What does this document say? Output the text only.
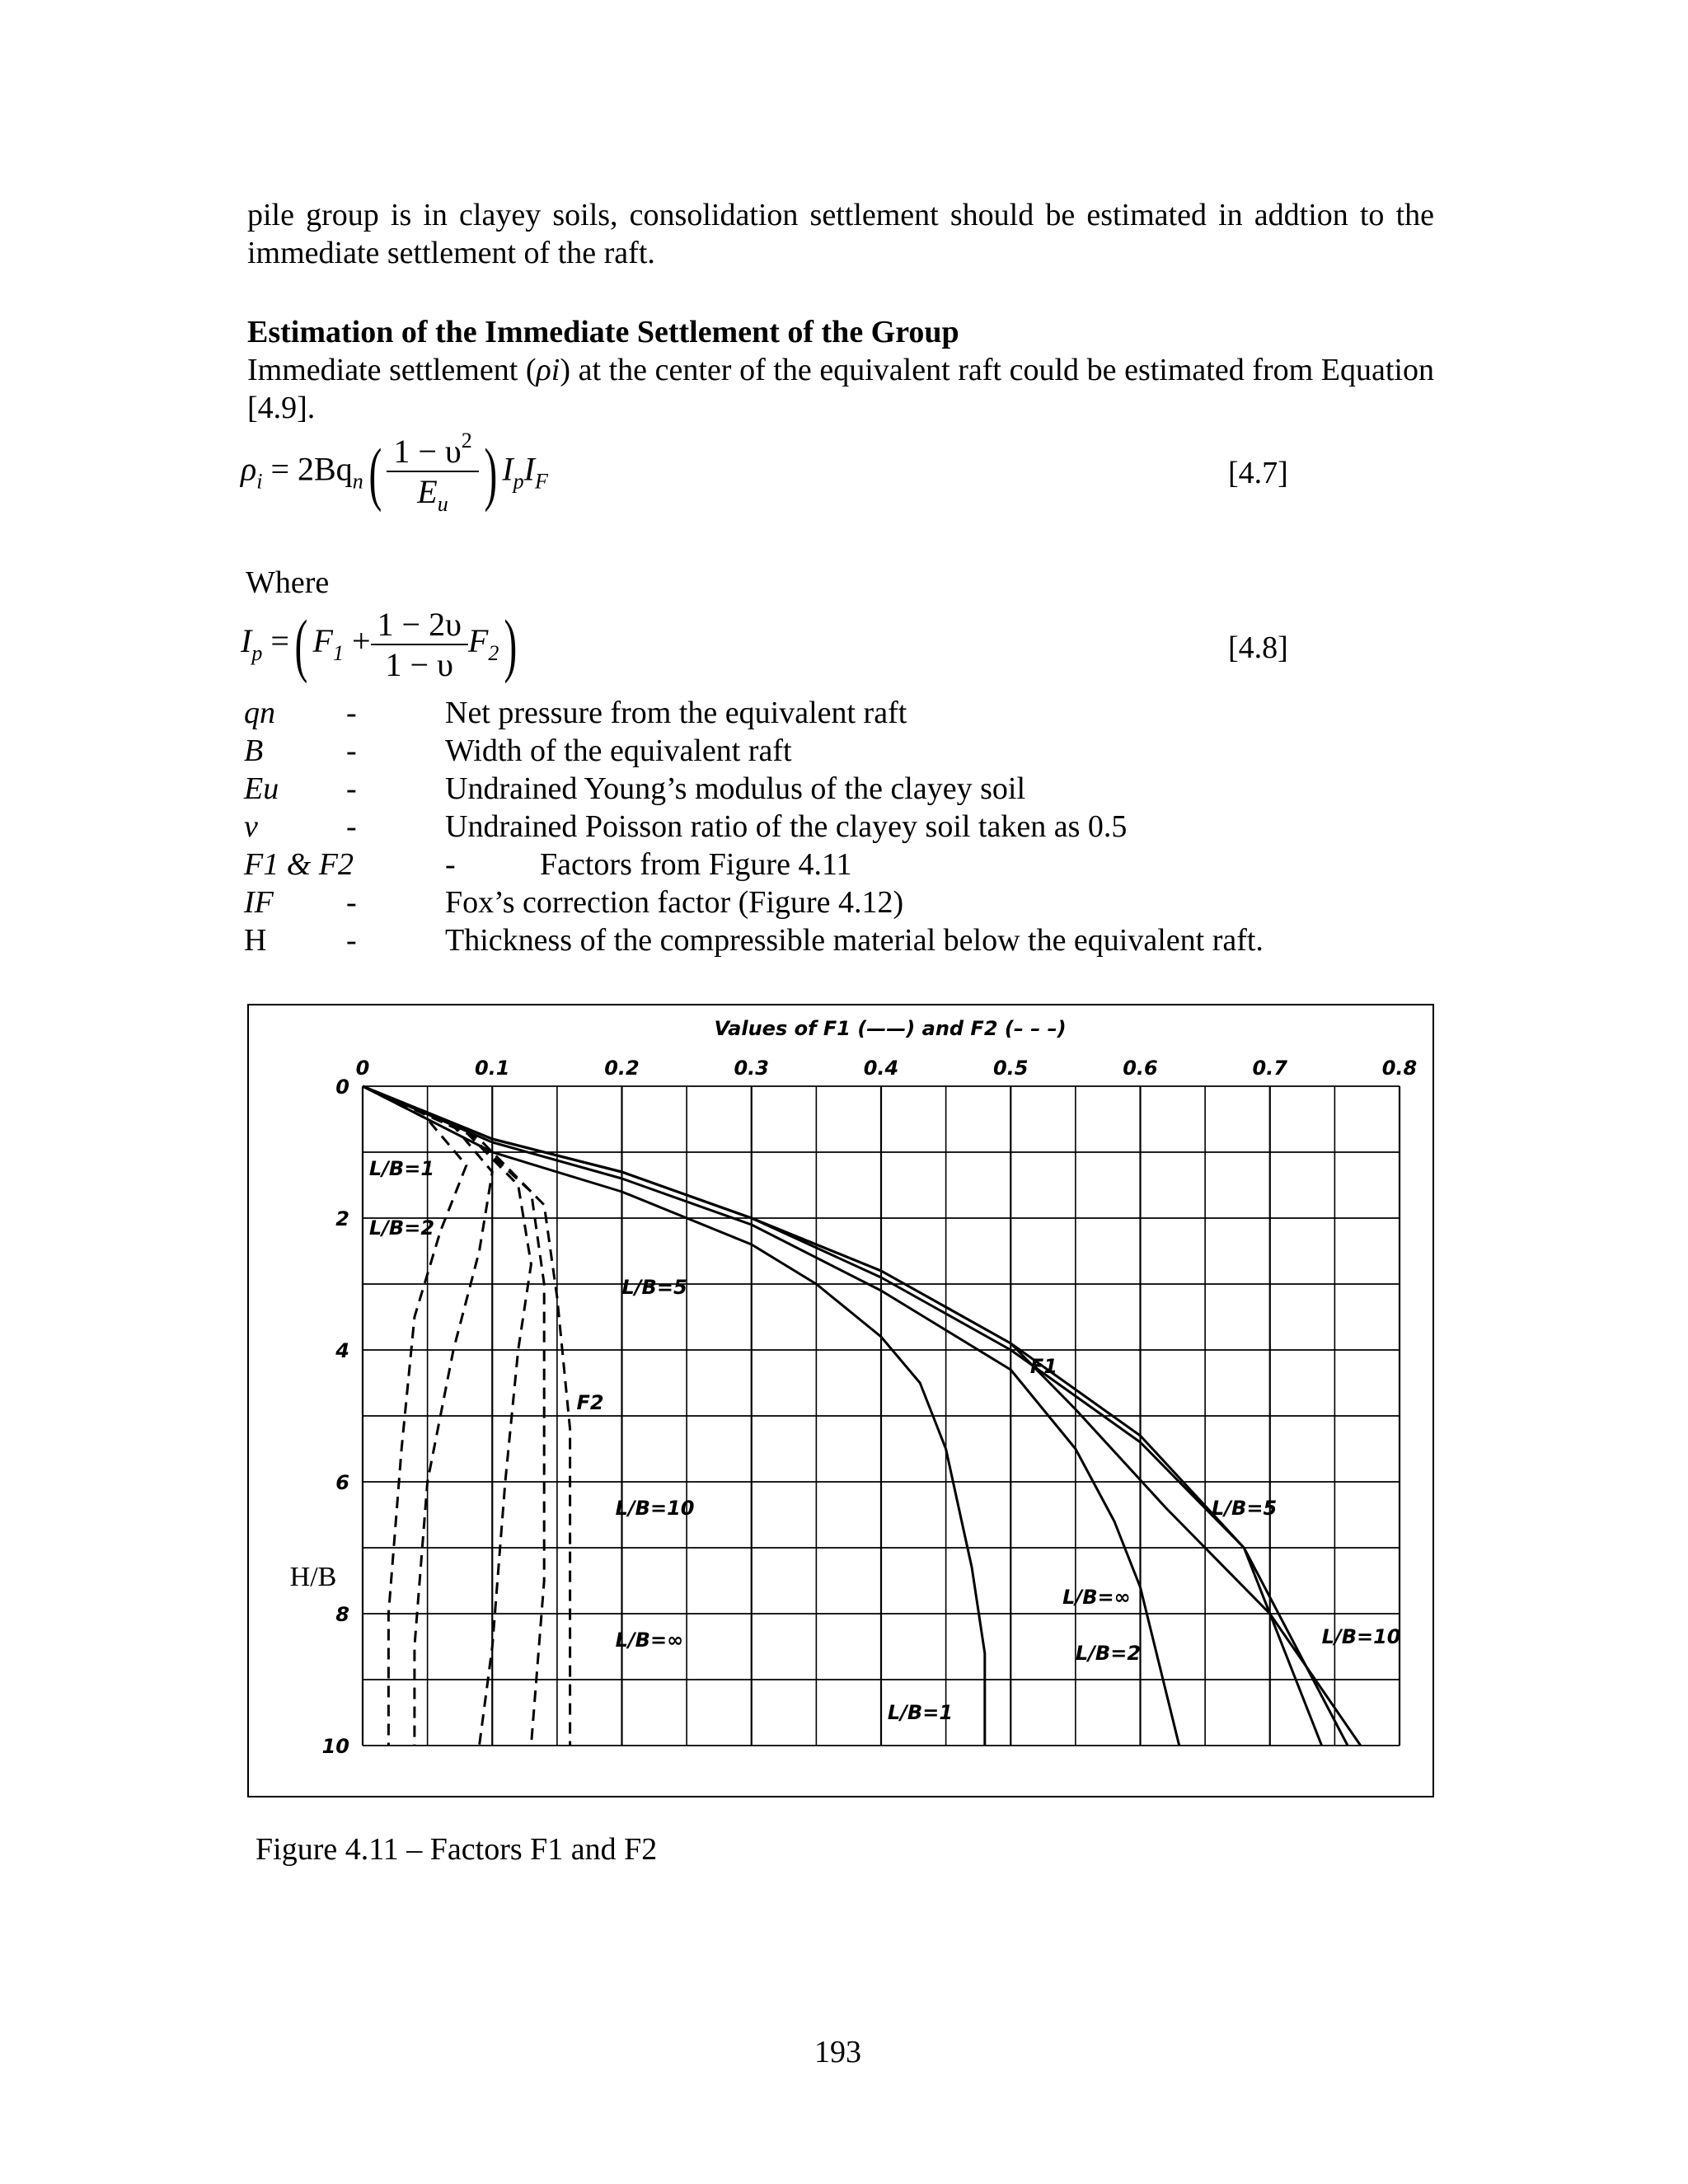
pile group is in clayey soils, consolidation settlement should be estimated in addtion to the immediate settlement of the raft.
Estimation of the Immediate Settlement of the Group
Immediate settlement (ρi) at the center of the equivalent raft could be estimated from Equation [4.9].
$\rho_i = 2Bq_n( \frac{1 - \upsilon^2}{E_u}$ ) $I_pI_F$	[4.7]
Where
$I_p$ =( $F_1 + \frac{1 - 2\upsilon}{1 - \upsilon} F_2$)	[4.8]
qn -	Net pressure from the equivalent raft
B	-	Width of the equivalent raft
Eu -	Undrained Young’s modulus of the clayey soil
ν	-	Undrained Poisson ratio of the clayey soil taken as 0.5
F1 & F2	-	Factors from Figure 4.11
IF -	Fox’s correction factor (Figure 4.12)
H	-	Thickness of the compressible material below the equivalent raft.
0	0.1	0.2	0.3	0.4	0.5	0.6	0.7	0.8
0
2
4
6
8
10
Values of F1 (——) and F2 (– – –)
H/B
L/B=1
L/B=2
L/B=5
F2
L/B=10
L/B=∞
L/B=1
F1
L/B=5
L/B=∞
L/B=2
L/B=10
Figure 4.11 – Factors F1 and F2
193
